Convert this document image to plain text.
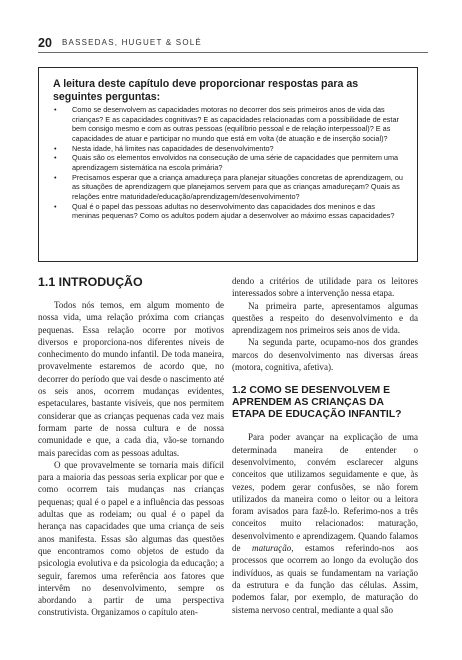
20 BASSEDAS, HUGUET & SOLÉ
A leitura deste capítulo deve proporcionar respostas para as seguintes perguntas:
• Como se desenvolvem as capacidades motoras no decorrer dos seis primeiros anos de vida das crianças? E as capacidades cognitivas? E as capacidades relacionadas com a possibilidade de estar bem consigo mesmo e com as outras pessoas (equilíbrio pessoal e de relação interpessoal)? E as capacidades de atuar e participar no mundo que está em volta (de atuação e de inserção social)?
• Nesta idade, há limites nas capacidades de desenvolvimento?
• Quais são os elementos envolvidos na consecução de uma série de capacidades que permitem uma aprendizagem sistemática na escola primária?
• Precisamos esperar que a criança amadureça para planejar situações concretas de aprendizagem, ou as situações de aprendizagem que planejamos servem para que as crianças amadureçam? Quais as relações entre maturidade/educação/aprendizagem/desenvolvimento?
• Qual é o papel das pessoas adultas no desenvolvimento das capacidades dos meninos e das meninas pequenas? Como os adultos podem ajudar a desenvolver ao máximo essas capacidades?
1.1 INTRODUÇÃO

Todos nós temos, em algum momento de nossa vida, uma relação próxima com crianças pequenas. Essa relação ocorre por motivos diversos e proporciona-nos diferentes níveis de conhecimento do mundo infantil. De toda maneira, provavelmente estaremos de acordo que, no decorrer do período que vai desde o nascimento até os seis anos, ocorrem mudanças evidentes, espetaculares, bastante visíveis, que nos permitem considerar que as crianças pequenas cada vez mais formam parte de nossa cultura e de nossa comunidade e que, a cada dia, vão-se tornando mais parecidas com as pessoas adultas.

O que provavelmente se tornaria mais difícil para a maioria das pessoas seria explicar por que e como ocorrem tais mudanças nas crianças pequenas; qual é o papel e a influência das pessoas adultas que as rodeiam; ou qual é o papel da herança nas capacidades que uma criança de seis anos manifesta. Essas são algumas das questões que encontramos como objetos de estudo da psicologia evolutiva e da psicologia da educação; a seguir, faremos uma referência aos fatores que intervêm no desenvolvimento, sempre os abordando a partir de uma perspectiva construtivista. Organizamos o capítulo aten-

dendo a critérios de utilidade para os leitores interessados sobre a intervenção nessa etapa.

Na primeira parte, apresentamos algumas questões a respeito do desenvolvimento e da aprendizagem nos primeiros seis anos de vida.

Na segunda parte, ocupamo-nos dos grandes marcos do desenvolvimento nas diversas áreas (motora, cognitiva, afetiva).

1.2 COMO SE DESENVOLVEM E APRENDEM AS CRIANÇAS DA ETAPA DE EDUCAÇÃO INFANTIL?

Para poder avançar na explicação de uma determinada maneira de entender o desenvolvimento, convém esclarecer alguns conceitos que utilizamos seguidamente e que, às vezes, podem gerar confusões, se não forem utilizados da maneira como o leitor ou a leitora foram avisados para fazê-lo. Referimo-nos a três conceitos muito relacionados: maturação, desenvolvimento e aprendizagem. Quando falamos de maturação, estamos referindo-nos aos processos que ocorrem ao longo da evolução dos indivíduos, as quais se fundamentam na variação da estrutura e da função das células. Assim, podemos falar, por exemplo, de maturação do sistema nervoso central, mediante a qual são
